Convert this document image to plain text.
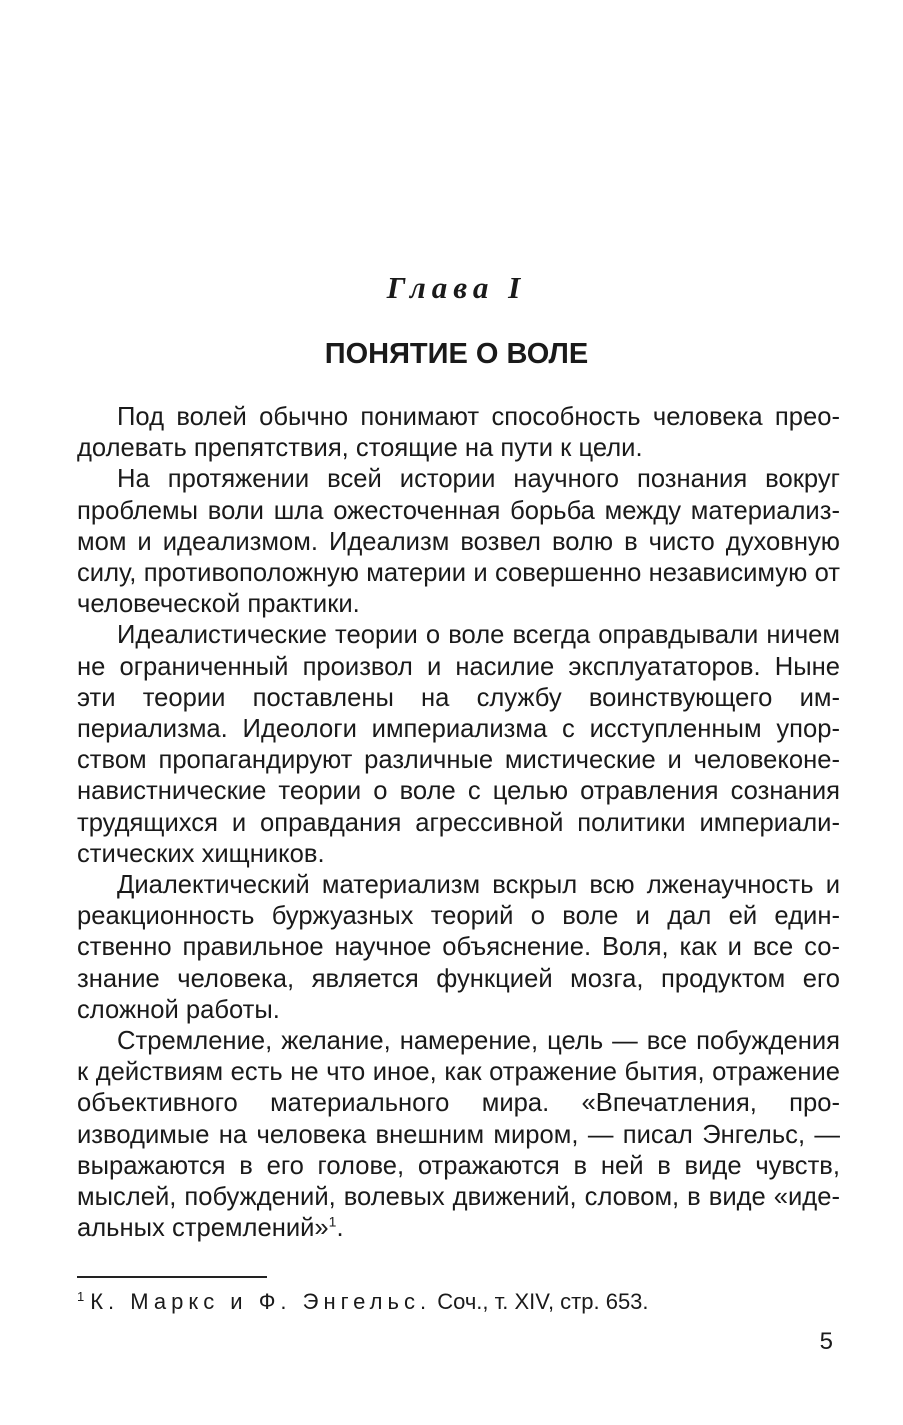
Глава I
ПОНЯТИЕ О ВОЛЕ

Под волей обычно понимают способность человека преодолевать препятствия, стоящие на пути к цели.

На протяжении всей истории научного познания вокруг проблемы воли шла ожесточенная борьба между материализмом и идеализмом. Идеализм возвел волю в чисто духовную силу, противоположную материи и совершенно независимую от человеческой практики.

Идеалистические теории о воле всегда оправдывали ничем не ограниченный произвол и насилие эксплуататоров. Ныне эти теории поставлены на службу воинствующего империализма. Идеологи империализма с исступленным упорством пропагандируют различные мистические и человеконенавистнические теории о воле с целью отравления сознания трудящихся и оправдания агрессивной политики империалистических хищников.

Диалектический материализм вскрыл всю лженаучность и реакционность буржуазных теорий о воле и дал ей единственно правильное научное объяснение. Воля, как и все сознание человека, является функцией мозга, продуктом его сложной работы.

Стремление, желание, намерение, цель — все побуждения к действиям есть не что иное, как отражение бытия, отражение объективного материального мира. «Впечатления, производимые на человека внешним миром, — писал Энгельс, — выражаются в его голове, отражаются в ней в виде чувств, мыслей, побуждений, волевых движений, словом, в виде «идеальных стремлений»$^1$.

$^1$ К. Маркс и Ф. Энгельс. Соч., т. XIV, стр. 653.
5
